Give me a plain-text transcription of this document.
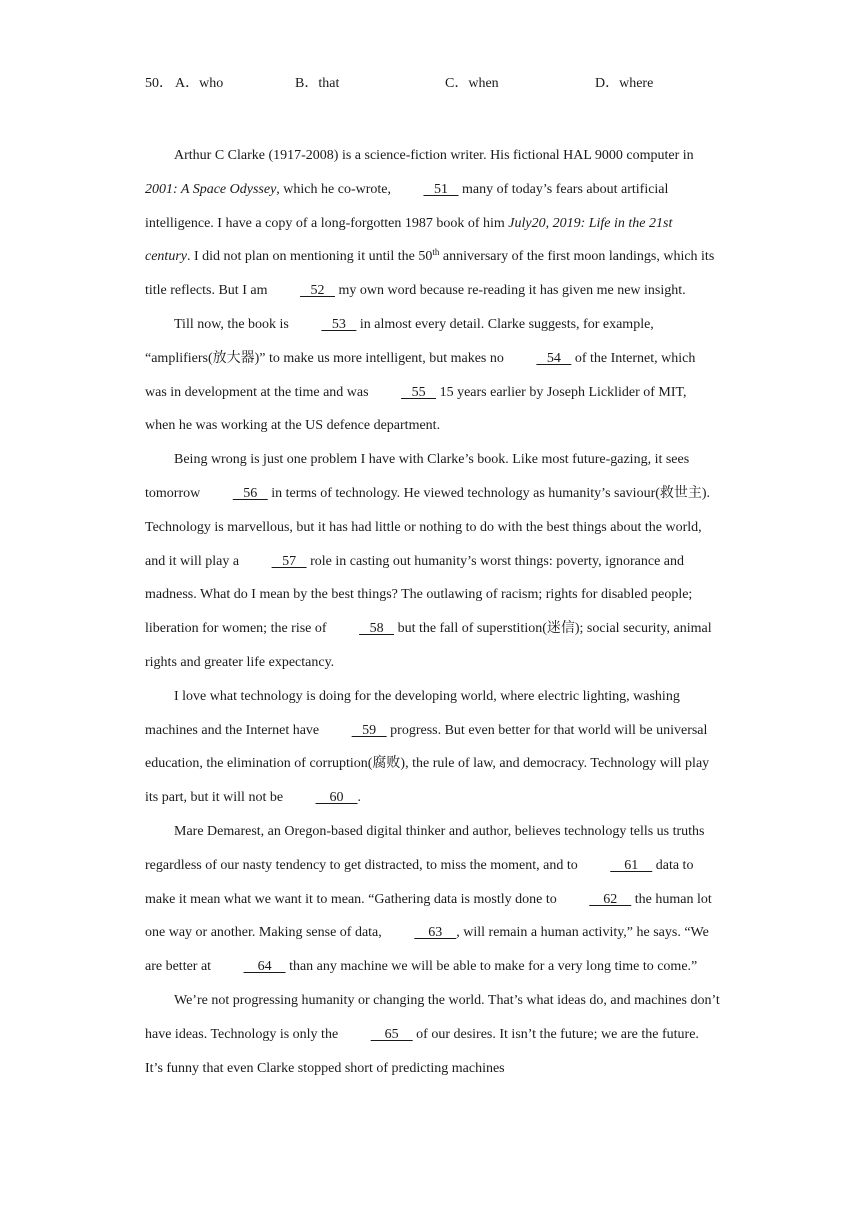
50． A．who	B．that	C．when	D．where

Arthur C Clarke (1917-2008) is a science-fiction writer. His fictional HAL 9000 computer in 2001: A Space Odyssey, which he co-wrote,    51    many of today’s fears about artificial intelligence. I have a copy of a long-forgotten 1987 book of him July20, 2019: Life in the 21st century. I did not plan on mentioning it until the 50th anniversary of the first moon landings, which its title reflects. But I am    52    my own word because re-reading it has given me new insight.

Till now, the book is    53    in almost every detail. Clarke suggests, for example, “amplifiers(放大器)” to make us more intelligent, but makes no    54    of the Internet, which was in development at the time and was    55    15 years earlier by Joseph Licklider of MIT, when he was working at the US defence department.

Being wrong is just one problem I have with Clarke’s book. Like most future-gazing, it sees tomorrow    56    in terms of technology. He viewed technology as humanity’s saviour(救世主). Technology is marvellous, but it has had little or nothing to do with the best things about the world, and it will play a    57    role in casting out humanity’s worst things: poverty, ignorance and madness. What do I mean by the best things? The outlawing of racism; rights for disabled people; liberation for women; the rise of    58    but the fall of superstition(迷信); social security, animal rights and greater life expectancy.

I love what technology is doing for the developing world, where electric lighting, washing machines and the Internet have    59    progress. But even better for that world will be universal education, the elimination of corruption(腐败), the rule of law, and democracy. Technology will play its part, but it will not be     60    .

Mare Demarest, an Oregon-based digital thinker and author, believes technology tells us truths regardless of our nasty tendency to get distracted, to miss the moment, and to     61     data to make it mean what we want it to mean. “Gathering data is mostly done to     62     the human lot one way or another. Making sense of data,     63    , will remain a human activity,” he says. “We are better at     64     than any machine we will be able to make for a very long time to come.”

We’re not progressing humanity or changing the world. That’s what ideas do, and machines don’t have ideas. Technology is only the     65     of our desires. It isn’t the future; we are the future. It’s funny that even Clarke stopped short of predicting machines
